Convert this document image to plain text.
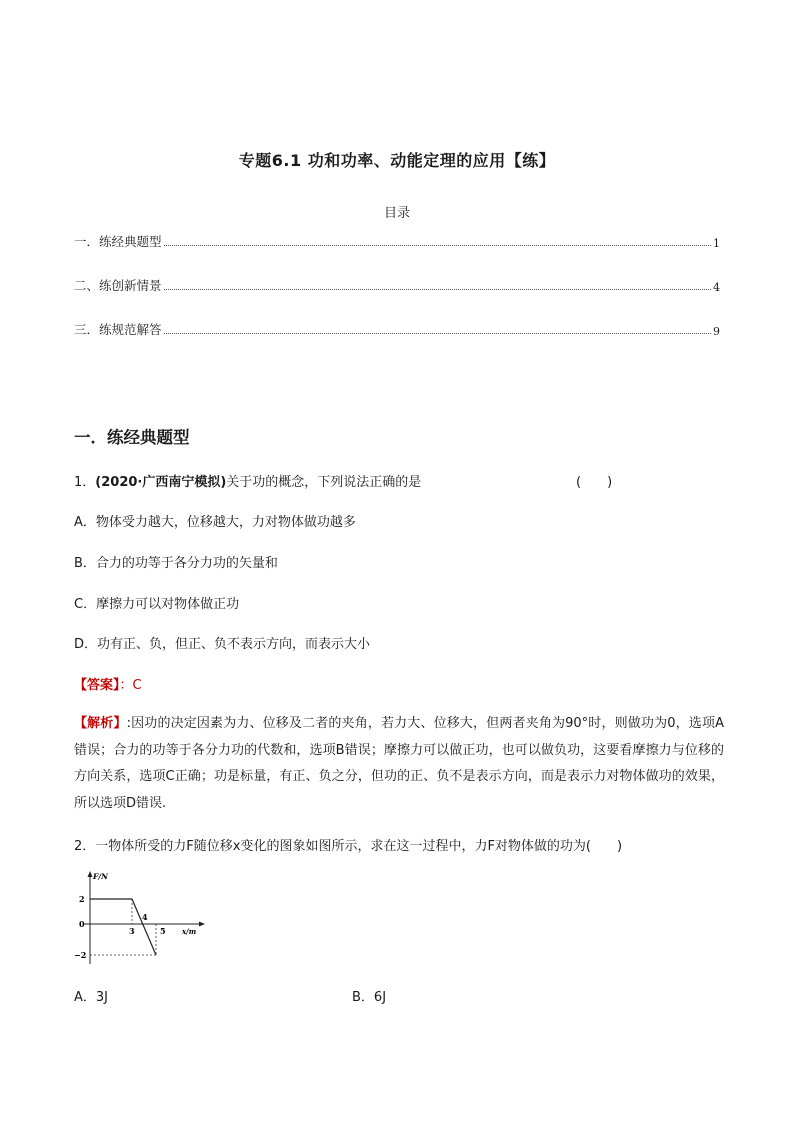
专题6.1 功和功率、动能定理的应用【练】
目录
一．练经典题型	1
二、练创新情景	4
三．练规范解答	9
一．练经典题型
1．(2020·广西南宁模拟)关于功的概念，下列说法正确的是	(　　)
A．物体受力越大，位移越大，力对物体做功越多
B．合力的功等于各分力功的矢量和
C．摩擦力可以对物体做正功
D．功有正、负，但正、负不表示方向，而表示大小
【答案】：C
【解析】:因功的决定因素为力、位移及二者的夹角，若力大、位移大，但两者夹角为90°时，则做功为0，选项A错误；合力的功等于各分力功的代数和，选项B错误；摩擦力可以做正功，也可以做负功，这要看摩擦力与位移的方向关系，选项C正确；功是标量，有正、负之分，但功的正、负不是表示方向，而是表示力对物体做功的效果，所以选项D错误.
2．一物体所受的力F随位移x变化的图象如图所示，求在这一过程中，力F对物体做的功为(　　)
F/N
x/m
2
0
−2
3
4
5
A．3J	B．6J
